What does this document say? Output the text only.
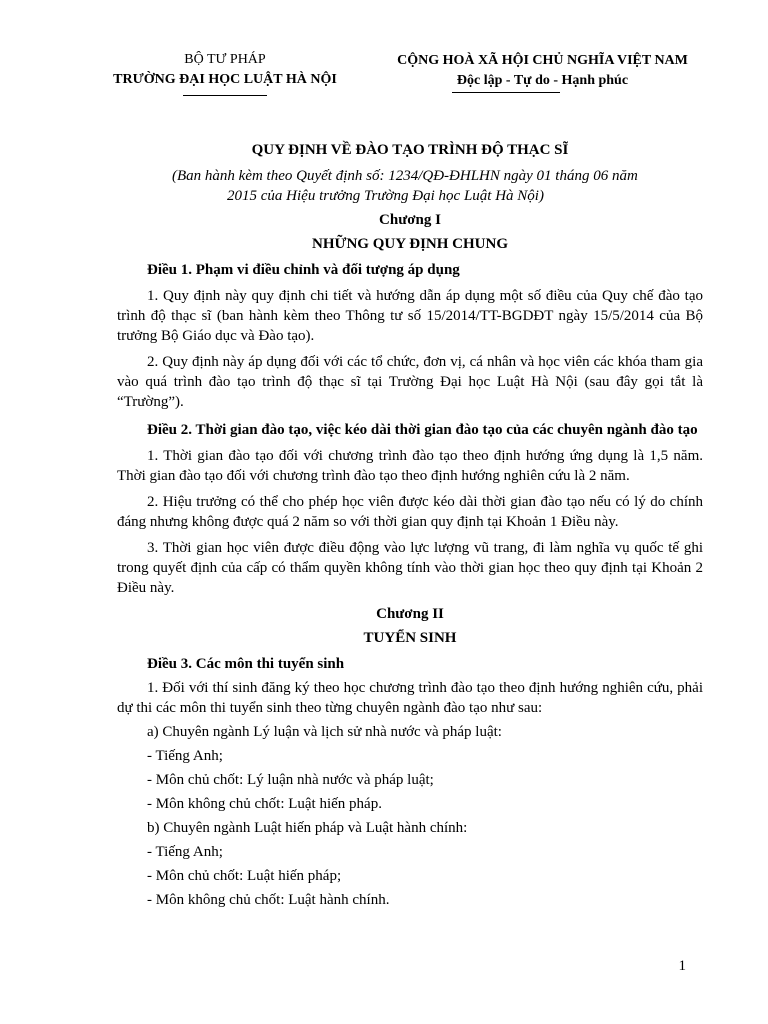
BỘ TƯ PHÁP
TRƯỜNG ĐẠI HỌC LUẬT HÀ NỘI
CỘNG HOÀ XÃ HỘI CHỦ NGHĨA VIỆT NAM
Độc lập - Tự do - Hạnh phúc
QUY ĐỊNH VỀ ĐÀO TẠO TRÌNH ĐỘ THẠC SĨ
(Ban hành kèm theo Quyết định số: 1234/QĐ-ĐHLHN ngày 01 tháng 06 năm
2015 của Hiệu trưởng Trường Đại học Luật Hà Nội)
Chương I
NHỮNG QUY ĐỊNH CHUNG

Điều 1. Phạm vi điều chỉnh và đối tượng áp dụng

1. Quy định này quy định chi tiết và hướng dẫn áp dụng một số điều của Quy chế đào tạo trình độ thạc sĩ (ban hành kèm theo Thông tư số 15/2014/TT-BGDĐT ngày 15/5/2014 của Bộ trưởng Bộ Giáo dục và Đào tạo).

2. Quy định này áp dụng đối với các tổ chức, đơn vị, cá nhân và học viên các khóa tham gia vào quá trình đào tạo trình độ thạc sĩ tại Trường Đại học Luật Hà Nội (sau đây gọi tắt là “Trường”).

Điều 2. Thời gian đào tạo, việc kéo dài thời gian đào tạo của các chuyên ngành đào tạo

1. Thời gian đào tạo đối với chương trình đào tạo theo định hướng ứng dụng là 1,5 năm. Thời gian đào tạo đối với chương trình đào tạo theo định hướng nghiên cứu là 2 năm.

2. Hiệu trưởng có thể cho phép học viên được kéo dài thời gian đào tạo nếu có lý do chính đáng nhưng không được quá 2 năm so với thời gian quy định tại Khoản 1 Điều này.

3. Thời gian học viên được điều động vào lực lượng vũ trang, đi làm nghĩa vụ quốc tế ghi trong quyết định của cấp có thẩm quyền không tính vào thời gian học theo quy định tại Khoản 2 Điều này.

Chương II
TUYỂN SINH

Điều 3. Các môn thi tuyển sinh

1. Đối với thí sinh đăng ký theo học chương trình đào tạo theo định hướng nghiên cứu, phải dự thi các môn thi tuyển sinh theo từng chuyên ngành đào tạo như sau:

a) Chuyên ngành Lý luận và lịch sử nhà nước và pháp luật:

- Tiếng Anh;

- Môn chủ chốt: Lý luận nhà nước và pháp luật;

- Môn không chủ chốt: Luật hiến pháp.

b) Chuyên ngành Luật hiến pháp và Luật hành chính:

- Tiếng Anh;

- Môn chủ chốt: Luật hiến pháp;

- Môn không chủ chốt: Luật hành chính.

1
